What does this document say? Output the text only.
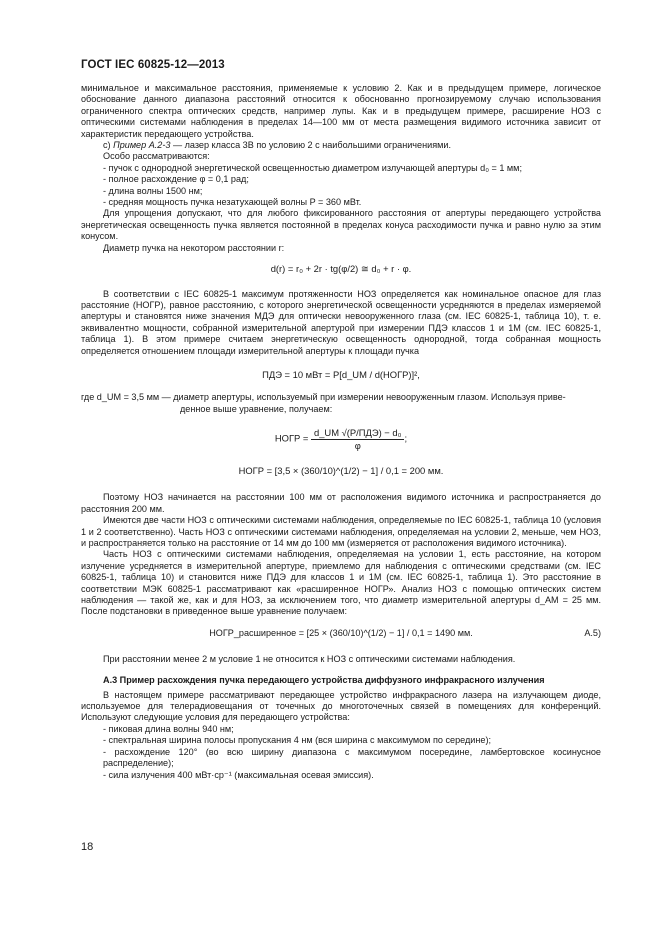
ГОСТ IEC 60825-12—2013

минимальное и максимальное расстояния, применяемые к условию 2. Как и в предыдущем примере, логическое обоснование данного диапазона расстояний относится к обоснованно прогнозируемому случаю использования ограниченного спектра оптических средств, например лупы. Как и в предыдущем примере, расширение НОЗ с оптическими системами наблюдения в пределах 14—100 мм от места размещения видимого источника зависит от характеристик передающего устройства.

с) Пример А.2-3 — лазер класса 3В по условию 2 с наибольшими ограничениями.

Особо рассматриваются:

- пучок с однородной энергетической освещенностью диаметром излучающей апертуры d₀ = 1 мм;

- полное расхождение φ = 0,1 рад;

- длина волны 1500 нм;

- средняя мощность пучка незатухающей волны P = 360 мВт.

Для упрощения допускают, что для любого фиксированного расстояния от апертуры передающего устройства энергетическая освещенность пучка является постоянной в пределах конуса расходимости пучка и равно нулю за этим конусом.

Диаметр пучка на некотором расстоянии r:

d(r) = r₀ + 2r · tg(φ/2) ≅ d₀ + r · φ.

В соответствии с IEC 60825-1 максимум протяженности НОЗ определяется как номинальное опасное для глаз расстояние (НОГР), равное расстоянию, с которого энергетической освещенности усредняются в пределах измеряемой апертуры и становятся ниже значения МДЭ для оптически невооруженного глаза (см. IEC 60825-1, таблица 10), т. е. эквивалентно мощности, собранной измерительной апертурой при измерении ПДЭ классов 1 и 1М (см. IEC 60825-1, таблица 1). В этом примере считаем энергетическую освещенность однородной, тогда собранная мощность определяется отношением площади измерительной апертуры к площади пучка

ПДЭ = 10 мВт = P[d_UM / d(НОГР)]²,

где d_UM = 3,5 мм — диаметр апертуры, используемый при измерении невооруженным глазом. Используя приве-

денное выше уравнение, получаем:

НОГР = $\frac{\text{d\_UM √(P/ПДЭ) − d₀}}{\varphi}$ ;
НОГР = [3,5 × (360/10)^(1/2) − 1] / 0,1 = 200 мм.

Поэтому НОЗ начинается на расстоянии 100 мм от расположения видимого источника и распространяется до расстояния 200 мм.

Имеются две части НОЗ с оптическими системами наблюдения, определяемые по IEC 60825-1, таблица 10 (условия 1 и 2 соответственно). Часть НОЗ с оптическими системами наблюдения, определяемая на условии 2, меньше, чем НОЗ, и распространяется только на расстояние от 14 мм до 100 мм (измеряется от расположения видимого источника).

Часть НОЗ с оптическими системами наблюдения, определяемая на условии 1, есть расстояние, на котором излучение усредняется в измерительной апертуре, приемлемо для наблюдения с оптическими средствами (см. IEC 60825-1, таблица 10) и становится ниже ПДЭ для классов 1 и 1М (см. IEC 60825-1, таблица 1). Это расстояние в соответствии МЭК 60825-1 рассматривают как «расширенное НОГР». Анализ НОЗ с помощью оптических систем наблюдения — такой же, как и для НОЗ, за исключением того, что диаметр измерительной апертуры d_AM = 25 мм. После подстановки в приведенное выше уравнение получаем:

НОГР_расширенное = [25 × (360/10)^(1/2) − 1] / 0,1 = 1490 мм.	А.5)

При расстоянии менее 2 м условие 1 не относится к НОЗ с оптическими системами наблюдения.

А.3 Пример расхождения пучка передающего устройства диффузного инфракрасного излучения

В настоящем примере рассматривают передающее устройство инфракрасного лазера на излучающем диоде, используемое для телерадиовещания от точечных до многоточечных связей в помещениях для конференций. Используют следующие условия для передающего устройства:

- пиковая длина волны 940 нм;

- спектральная ширина полосы пропускания 4 нм (вся ширина с максимумом по середине);

- расхождение 120° (во всю ширину диапазона с максимумом посередине, ламбертовское косинусное распределение);

- сила излучения 400 мВт·ср⁻¹ (максимальная осевая эмиссия).

18
